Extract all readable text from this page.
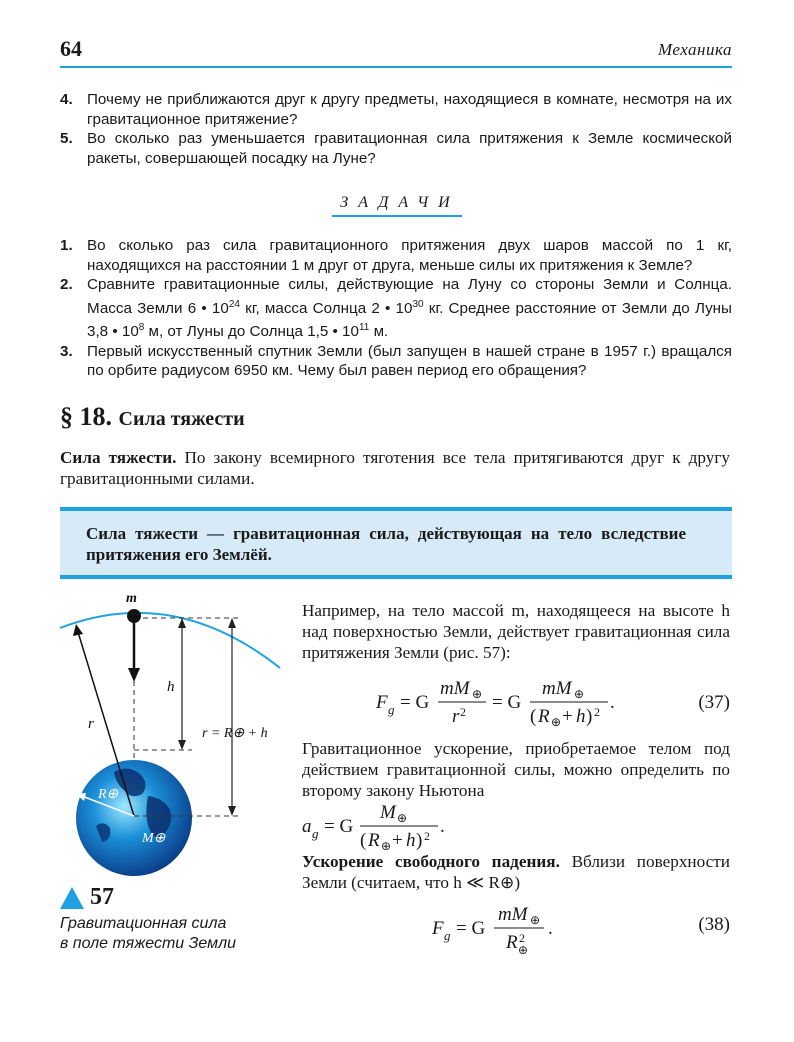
64	Механика
4. Почему не приближаются друг к другу предметы, находящиеся в комнате, несмотря на их гравитационное притяжение?
5. Во сколько раз уменьшается гравитационная сила притяжения к Земле космической ракеты, совершающей посадку на Луне?
ЗАДАЧИ
1. Во сколько раз сила гравитационного притяжения двух шаров массой по 1 кг, находящихся на расстоянии 1 м друг от друга, меньше силы их притяжения к Земле?
2. Сравните гравитационные силы, действующие на Луну со стороны Земли и Солнца. Масса Земли 6 • $10^{24}$ кг, масса Солнца 2 • $10^{30}$ кг. Среднее расстояние от Земли до Луны 3,8 • $10^8$ м, от Луны до Солнца 1,5 • $10^{11}$ м.
3. Первый искусственный спутник Земли (был запущен в нашей стране в 1957 г.) вращался по орбите радиусом 6950 км. Чему был равен период его обращения?
§ 18. Сила тяжести
Сила тяжести. По закону всемирного тяготения все тела притягиваются друг к другу гравитационными силами.
Сила тяжести — гравитационная сила, действующая на тело вследствие притяжения его Землёй.
m
h
r
r = R⊕ + h
R⊕
M⊕
57
Гравитационная сила
в поле тяжести Земли
Например, на тело массой m, находящееся на высоте h над поверхностью Земли, действует гравитационная сила притяжения Земли (рис. 57):
F g = G
mM ⊕
r 2 = G
mM ⊕
( R ⊕ + h ) 2 .	(37)
Гравитационное ускорение, приобретаемое телом под действием гравитационной силы, можно определить по второму закону Ньютона
a g = G
M ⊕
( R ⊕ + h ) 2 .
Ускорение свободного падения. Вблизи поверхности Земли (считаем, что h ≪ R⊕)
F g = G
mM ⊕
R 2
⊕
.	(38)
